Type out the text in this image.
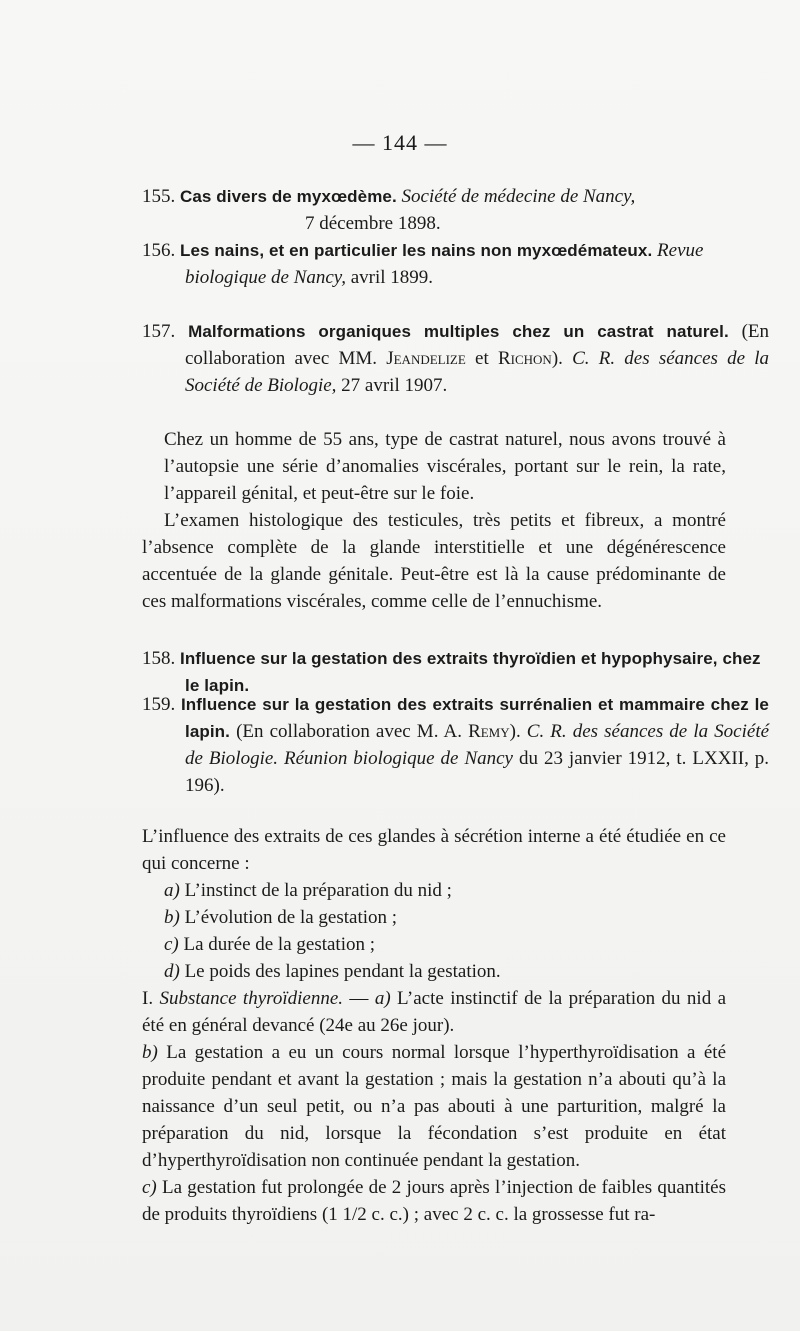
— 144 —
155. Cas divers de myxœdème. Société de médecine de Nancy,
7 décembre 1898.
156. Les nains, et en particulier les nains non myxœdémateux. Revue biologique de Nancy, avril 1899.
157. Malformations organiques multiples chez un castrat naturel. (En collaboration avec MM. Jeandelize et Richon). C. R. des séances de la Société de Biologie, 27 avril 1907.

Chez un homme de 55 ans, type de castrat naturel, nous avons trouvé à l’autopsie une série d’anomalies viscérales, portant sur le rein, la rate, l’appareil génital, et peut-être sur le foie.

L’examen histologique des testicules, très petits et fibreux, a montré l’absence complète de la glande interstitielle et une dégénérescence accentuée de la glande génitale. Peut-être est là la cause prédominante de ces malformations viscérales, comme celle de l’ennuchisme.

158. Influence sur la gestation des extraits thyroïdien et hypophysaire, chez le lapin.
159. Influence sur la gestation des extraits surrénalien et mammaire chez le lapin. (En collaboration avec M. A. Remy). C. R. des séances de la Société de Biologie. Réunion biologique de Nancy du 23 janvier 1912, t. LXXII, p. 196).

L’influence des extraits de ces glandes à sécrétion interne a été étudiée en ce qui concerne :

a) L’instinct de la préparation du nid ;
b) L’évolution de la gestation ;
c) La durée de la gestation ;
d) Le poids des lapines pendant la gestation.

I. Substance thyroïdienne. — a) L’acte instinctif de la préparation du nid a été en général devancé (24e au 26e jour).

b) La gestation a eu un cours normal lorsque l’hyperthyroïdisation a été produite pendant et avant la gestation ; mais la gestation n’a abouti qu’à la naissance d’un seul petit, ou n’a pas abouti à une parturition, malgré la préparation du nid, lorsque la fécondation s’est produite en état d’hyperthyroïdisation non continuée pendant la gestation.

c) La gestation fut prolongée de 2 jours après l’injection de faibles quantités de produits thyroïdiens (1 1/2 c. c.) ; avec 2 c. c. la grossesse fut ra-
